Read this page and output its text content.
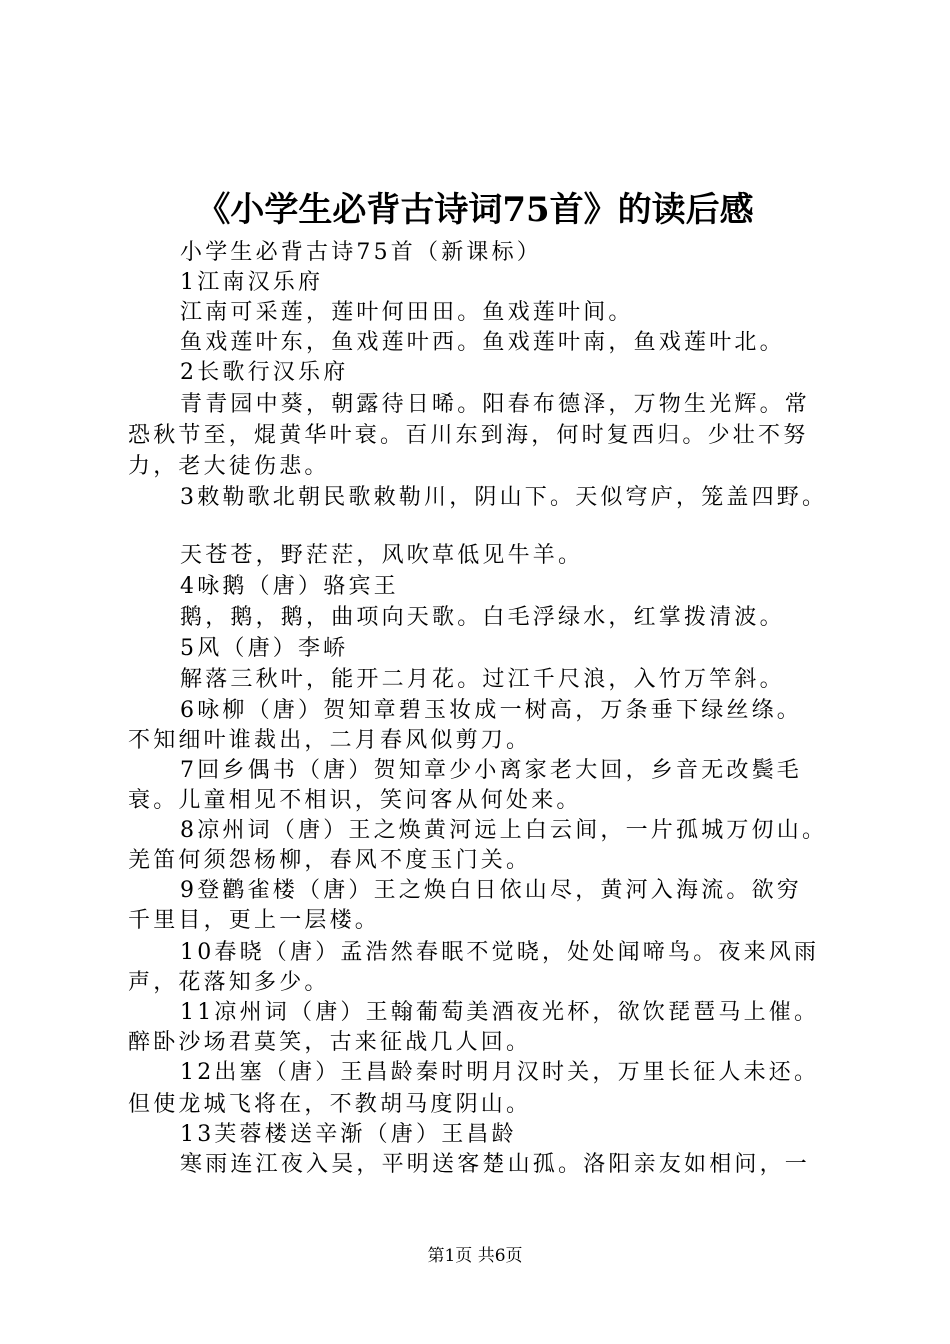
《小学生必背古诗词75首》的读后感
小学生必背古诗75首（新课标）
1江南汉乐府
江南可采莲，莲叶何田田。鱼戏莲叶间。
鱼戏莲叶东，鱼戏莲叶西。鱼戏莲叶南，鱼戏莲叶北。
2长歌行汉乐府
青青园中葵，朝露待日晞。阳春布德泽，万物生光辉。常
恐秋节至，焜黄华叶衰。百川东到海，何时复西归。少壮不努
力，老大徒伤悲。
3敕勒歌北朝民歌敕勒川，阴山下。天似穹庐，笼盖四野。
天苍苍，野茫茫，风吹草低见牛羊。
4咏鹅（唐）骆宾王
鹅，鹅，鹅，曲项向天歌。白毛浮绿水，红掌拨清波。
5风（唐）李峤
解落三秋叶，能开二月花。过江千尺浪，入竹万竿斜。
6咏柳（唐）贺知章碧玉妆成一树高，万条垂下绿丝绦。
不知细叶谁裁出，二月春风似剪刀。
7回乡偶书（唐）贺知章少小离家老大回，乡音无改鬓毛
衰。儿童相见不相识，笑问客从何处来。
8凉州词（唐）王之焕黄河远上白云间，一片孤城万仞山。
羌笛何须怨杨柳，春风不度玉门关。
9登鹳雀楼（唐）王之焕白日依山尽，黄河入海流。欲穷
千里目，更上一层楼。
10春晓（唐）孟浩然春眠不觉晓，处处闻啼鸟。夜来风雨
声，花落知多少。
11凉州词（唐）王翰葡萄美酒夜光杯，欲饮琵琶马上催。
醉卧沙场君莫笑，古来征战几人回。
12出塞（唐）王昌龄秦时明月汉时关，万里长征人未还。
但使龙城飞将在，不教胡马度阴山。
13芙蓉楼送辛渐（唐）王昌龄
寒雨连江夜入吴，平明送客楚山孤。洛阳亲友如相问，一
第1页 共6页
